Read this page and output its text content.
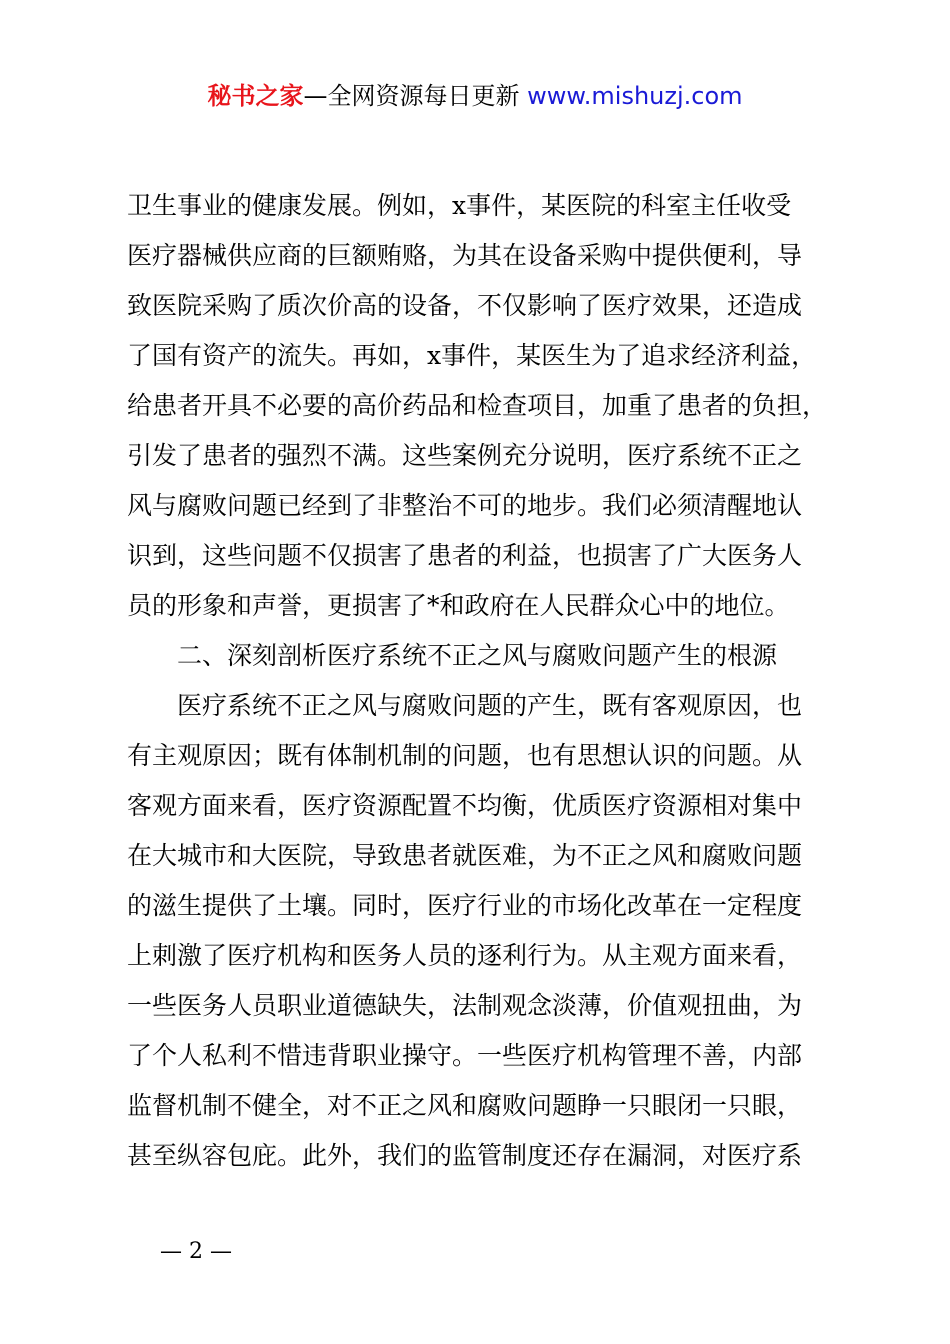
秘书之家—全网资源每日更新 www.mishuzj.com
卫生事业的健康发展。例如，x事件，某医院的科室主任收受
医疗器械供应商的巨额贿赂，为其在设备采购中提供便利，导
致医院采购了质次价高的设备，不仅影响了医疗效果，还造成
了国有资产的流失。再如，x事件，某医生为了追求经济利益，
给患者开具不必要的高价药品和检查项目，加重了患者的负担，
引发了患者的强烈不满。这些案例充分说明，医疗系统不正之
风与腐败问题已经到了非整治不可的地步。我们必须清醒地认
识到，这些问题不仅损害了患者的利益，也损害了广大医务人
员的形象和声誉，更损害了*和政府在人民群众心中的地位。
二、深刻剖析医疗系统不正之风与腐败问题产生的根源
医疗系统不正之风与腐败问题的产生，既有客观原因，也
有主观原因；既有体制机制的问题，也有思想认识的问题。从
客观方面来看，医疗资源配置不均衡，优质医疗资源相对集中
在大城市和大医院，导致患者就医难，为不正之风和腐败问题
的滋生提供了土壤。同时，医疗行业的市场化改革在一定程度
上刺激了医疗机构和医务人员的逐利行为。从主观方面来看，
一些医务人员职业道德缺失，法制观念淡薄，价值观扭曲，为
了个人私利不惜违背职业操守。一些医疗机构管理不善，内部
监督机制不健全，对不正之风和腐败问题睁一只眼闭一只眼，
甚至纵容包庇。此外，我们的监管制度还存在漏洞，对医疗系
— 2 —
